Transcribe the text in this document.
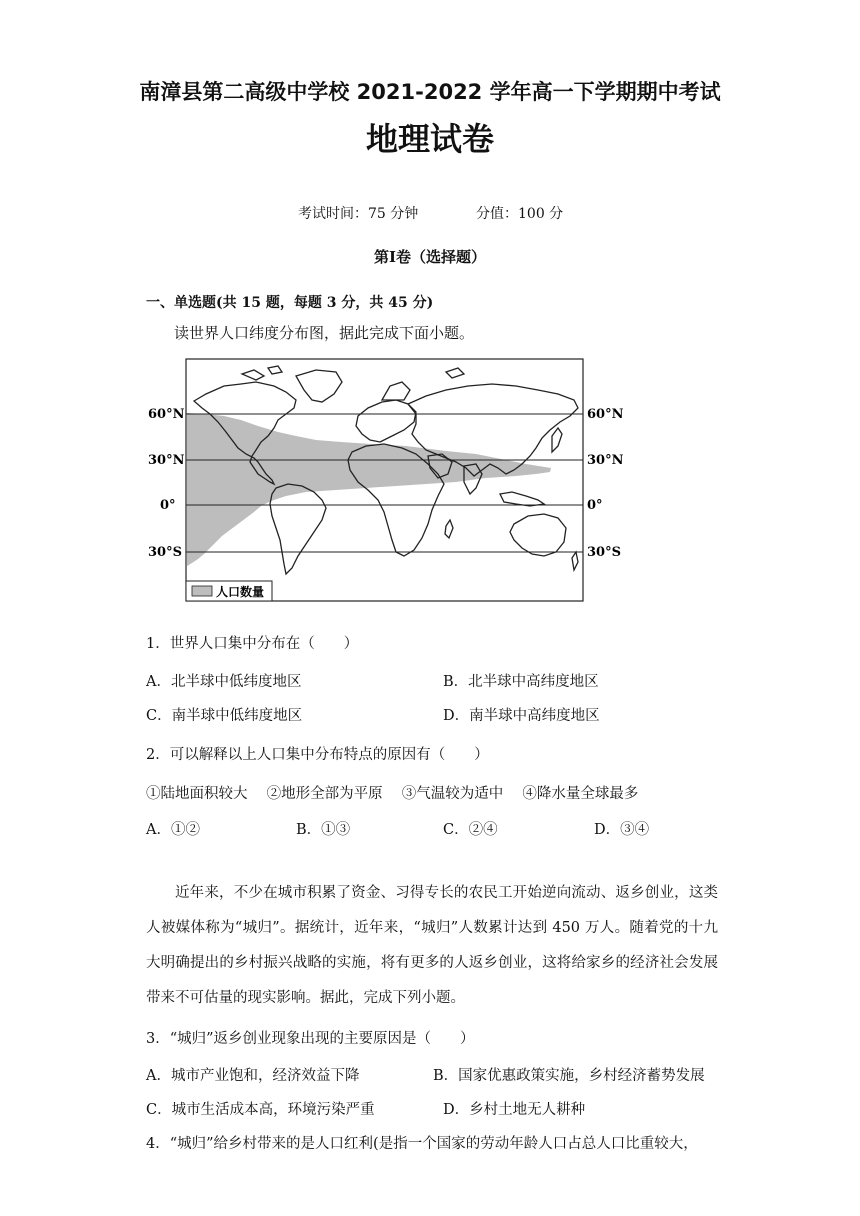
南漳县第二高级中学校 2021-2022 学年高一下学期期中考试
地理试卷
考试时间：75 分钟	分值：100 分
第Ⅰ卷（选择题）
一、单选题(共 15 题，每题 3 分，共 45 分)
读世界人口纬度分布图，据此完成下面小题。
60°N
30°N
0°
30°S
60°N
30°N
0°
30°S
人口数量
1．世界人口集中分布在（　　）
A．北半球中低纬度地区	B．北半球中高纬度地区
C．南半球中低纬度地区	D．南半球中高纬度地区
2．可以解释以上人口集中分布特点的原因有（　　）
①陆地面积较大　 ②地形全部为平原　 ③气温较为适中　 ④降水量全球最多
A．①②	B．①③	C．②④	D．③④
近年来，不少在城市积累了资金、习得专长的农民工开始逆向流动、返乡创业，这类人被媒体称为“城归”。据统计，近年来，“城归”人数累计达到 450 万人。随着党的十九大明确提出的乡村振兴战略的实施，将有更多的人返乡创业，这将给家乡的经济社会发展带来不可估量的现实影响。据此，完成下列小题。
3．“城归”返乡创业现象出现的主要原因是（　　）
A．城市产业饱和，经济效益下降	B．国家优惠政策实施，乡村经济蓄势发展
C．城市生活成本高，环境污染严重	D．乡村土地无人耕种
4．“城归”给乡村带来的是人口红利(是指一个国家的劳动年龄人口占总人口比重较大，
